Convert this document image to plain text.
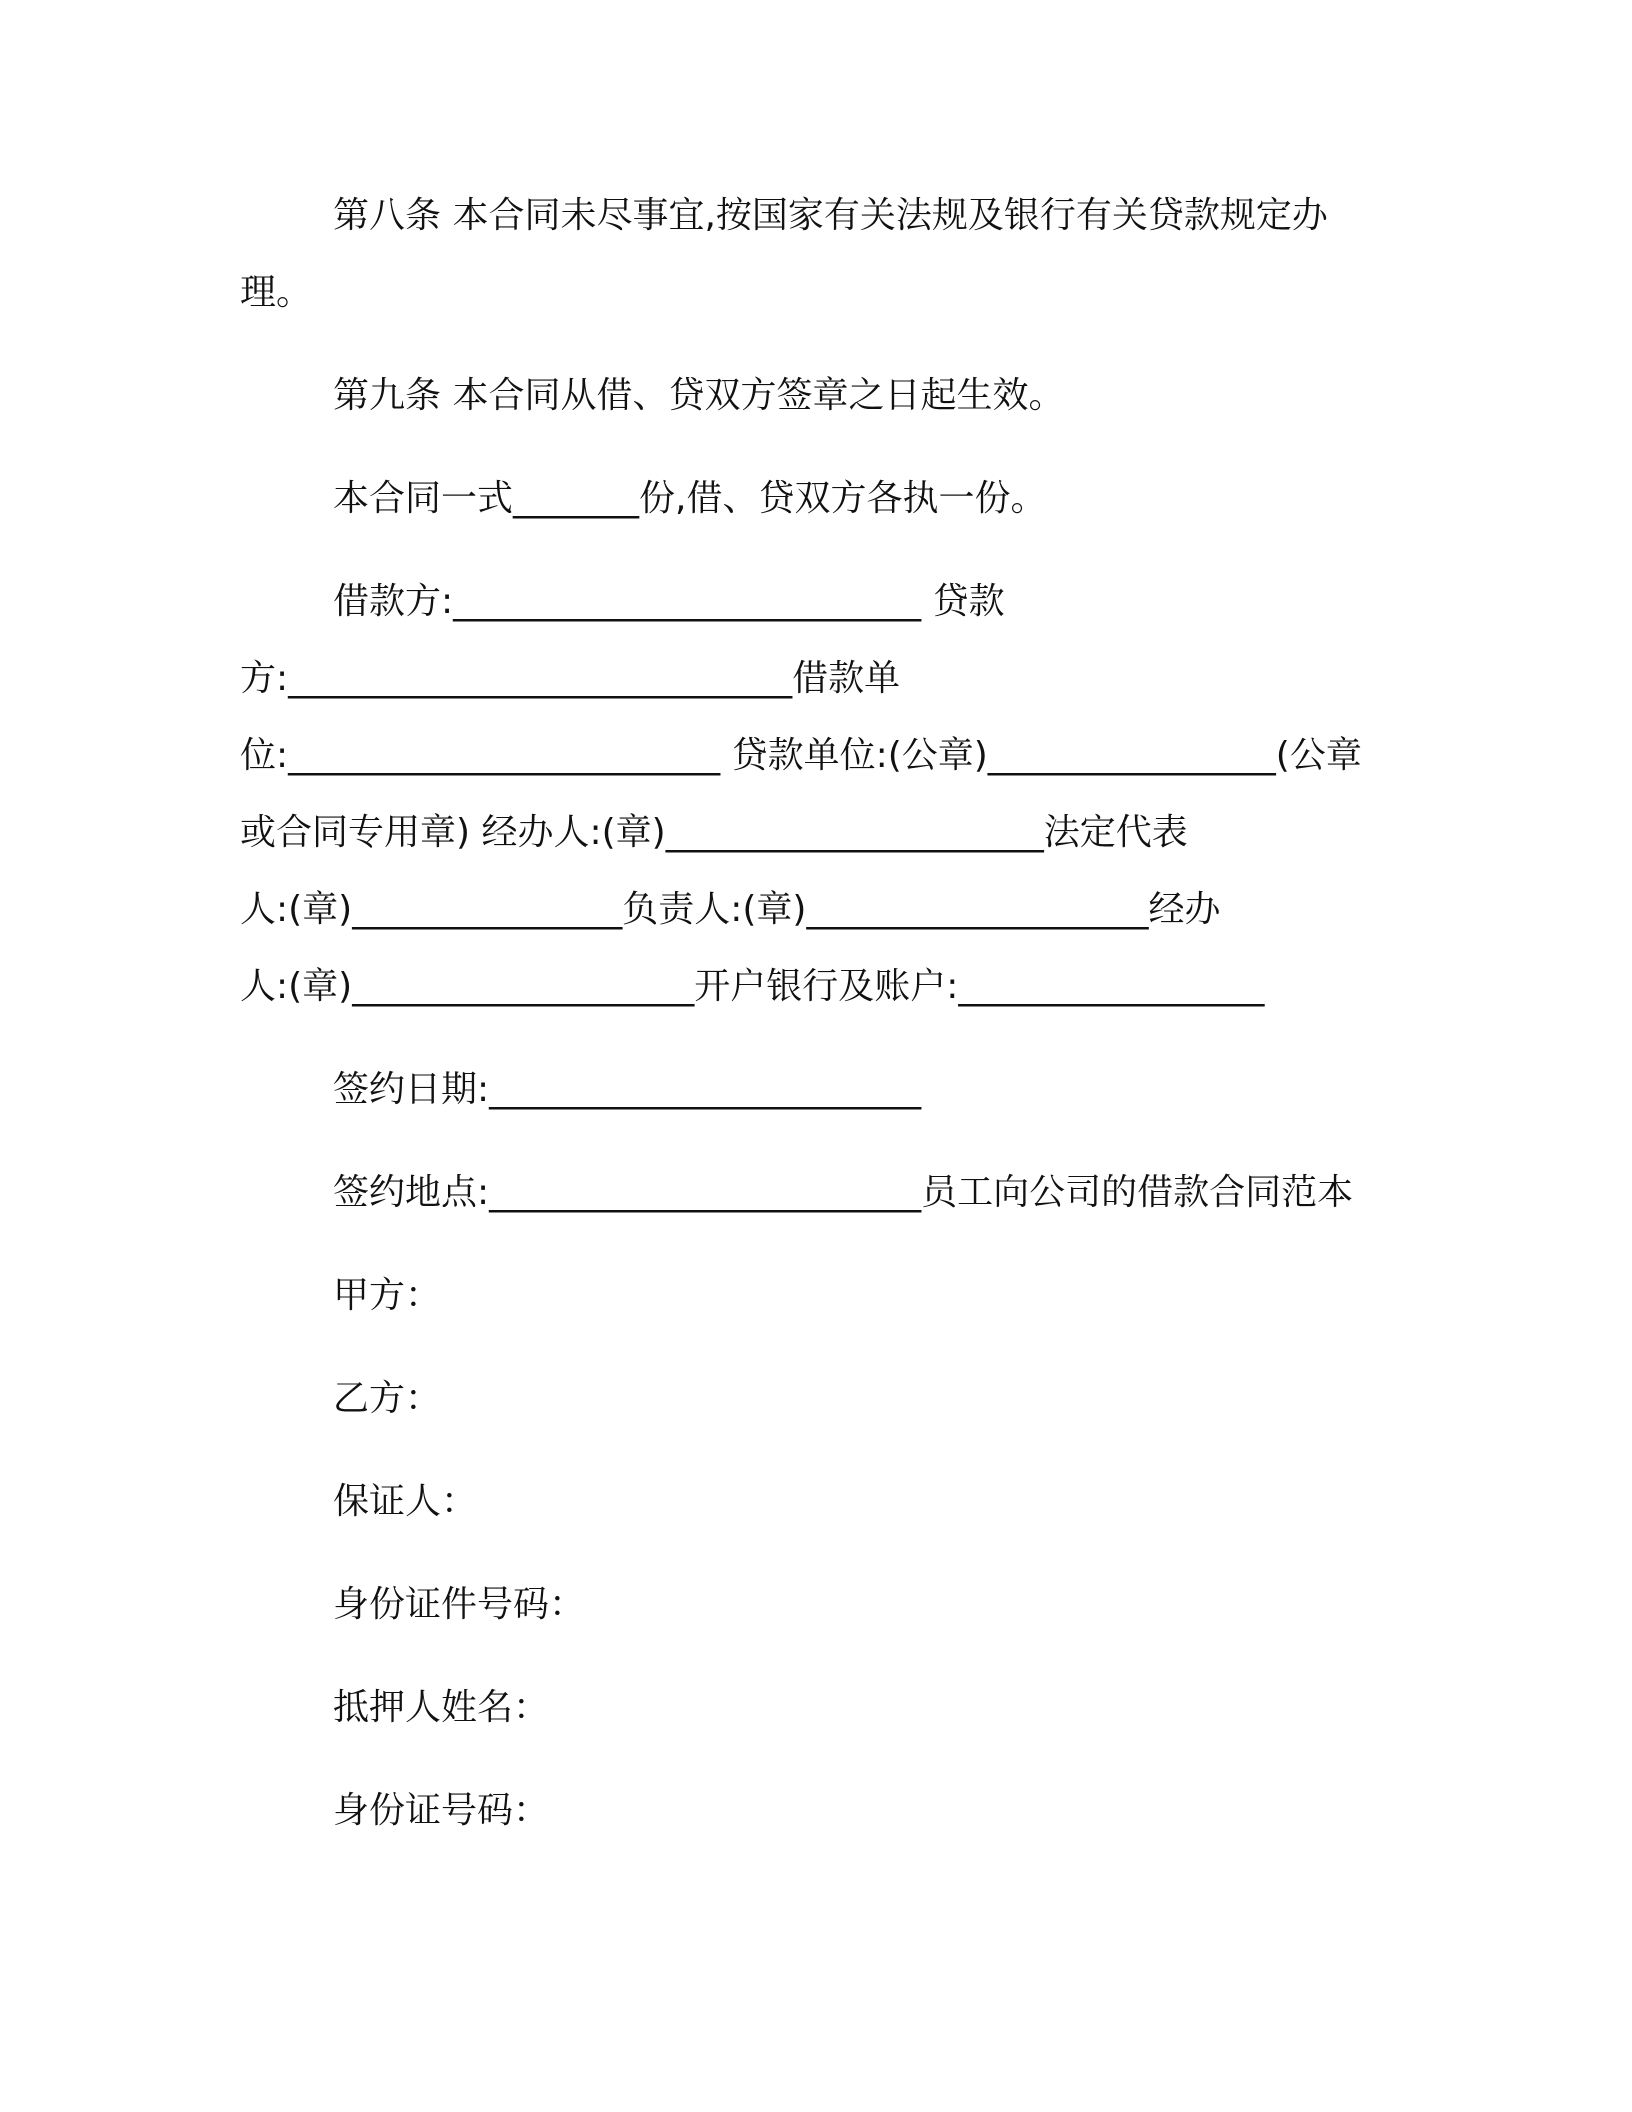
第八条 本合同未尽事宜,按国家有关法规及银行有关贷款规定办
理。
第九条 本合同从借、贷双方签章之日起生效。
本合同一式_______份,借、贷双方各执一份。
借款方:__________________________ 贷款
方:____________________________借款单
位:________________________ 贷款单位:(公章)________________(公章
或合同专用章) 经办人:(章)_____________________法定代表
人:(章)_______________负责人:(章)___________________经办
人:(章)___________________开户银行及账户:_________________
签约日期:________________________
签约地点:________________________员工向公司的借款合同范本
甲方：
乙方：
保证人：
身份证件号码：
抵押人姓名：
身份证号码：
